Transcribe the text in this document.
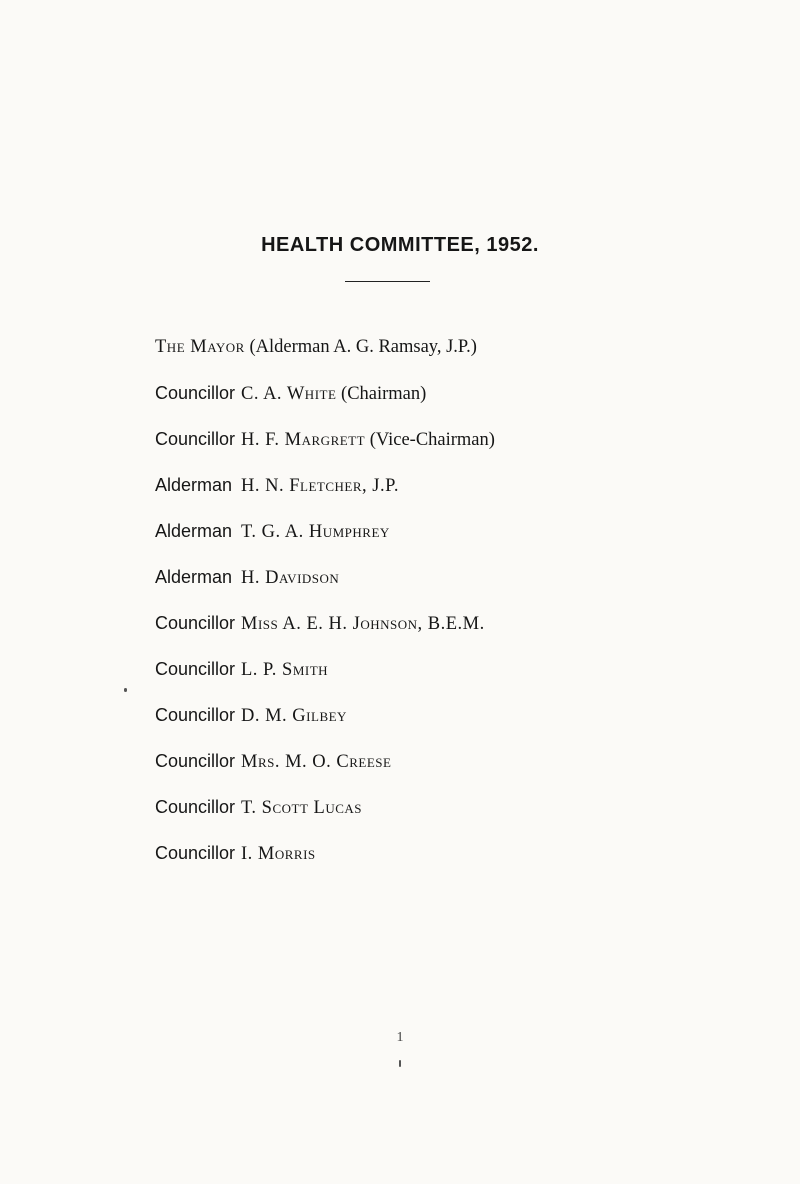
HEALTH COMMITTEE, 1952.
The Mayor (Alderman A. G. Ramsay, J.P.)
Councillor C. A. White (Chairman)
Councillor H. F. Margrett (Vice-Chairman)
Alderman H. N. Fletcher, J.P.
Alderman T. G. A. Humphrey
Alderman H. Davidson
Councillor Miss A. E. H. Johnson, B.E.M.
Councillor L. P. Smith
Councillor D. M. Gilbey
Councillor Mrs. M. O. Creese
Councillor T. Scott Lucas
Councillor I. Morris
1
